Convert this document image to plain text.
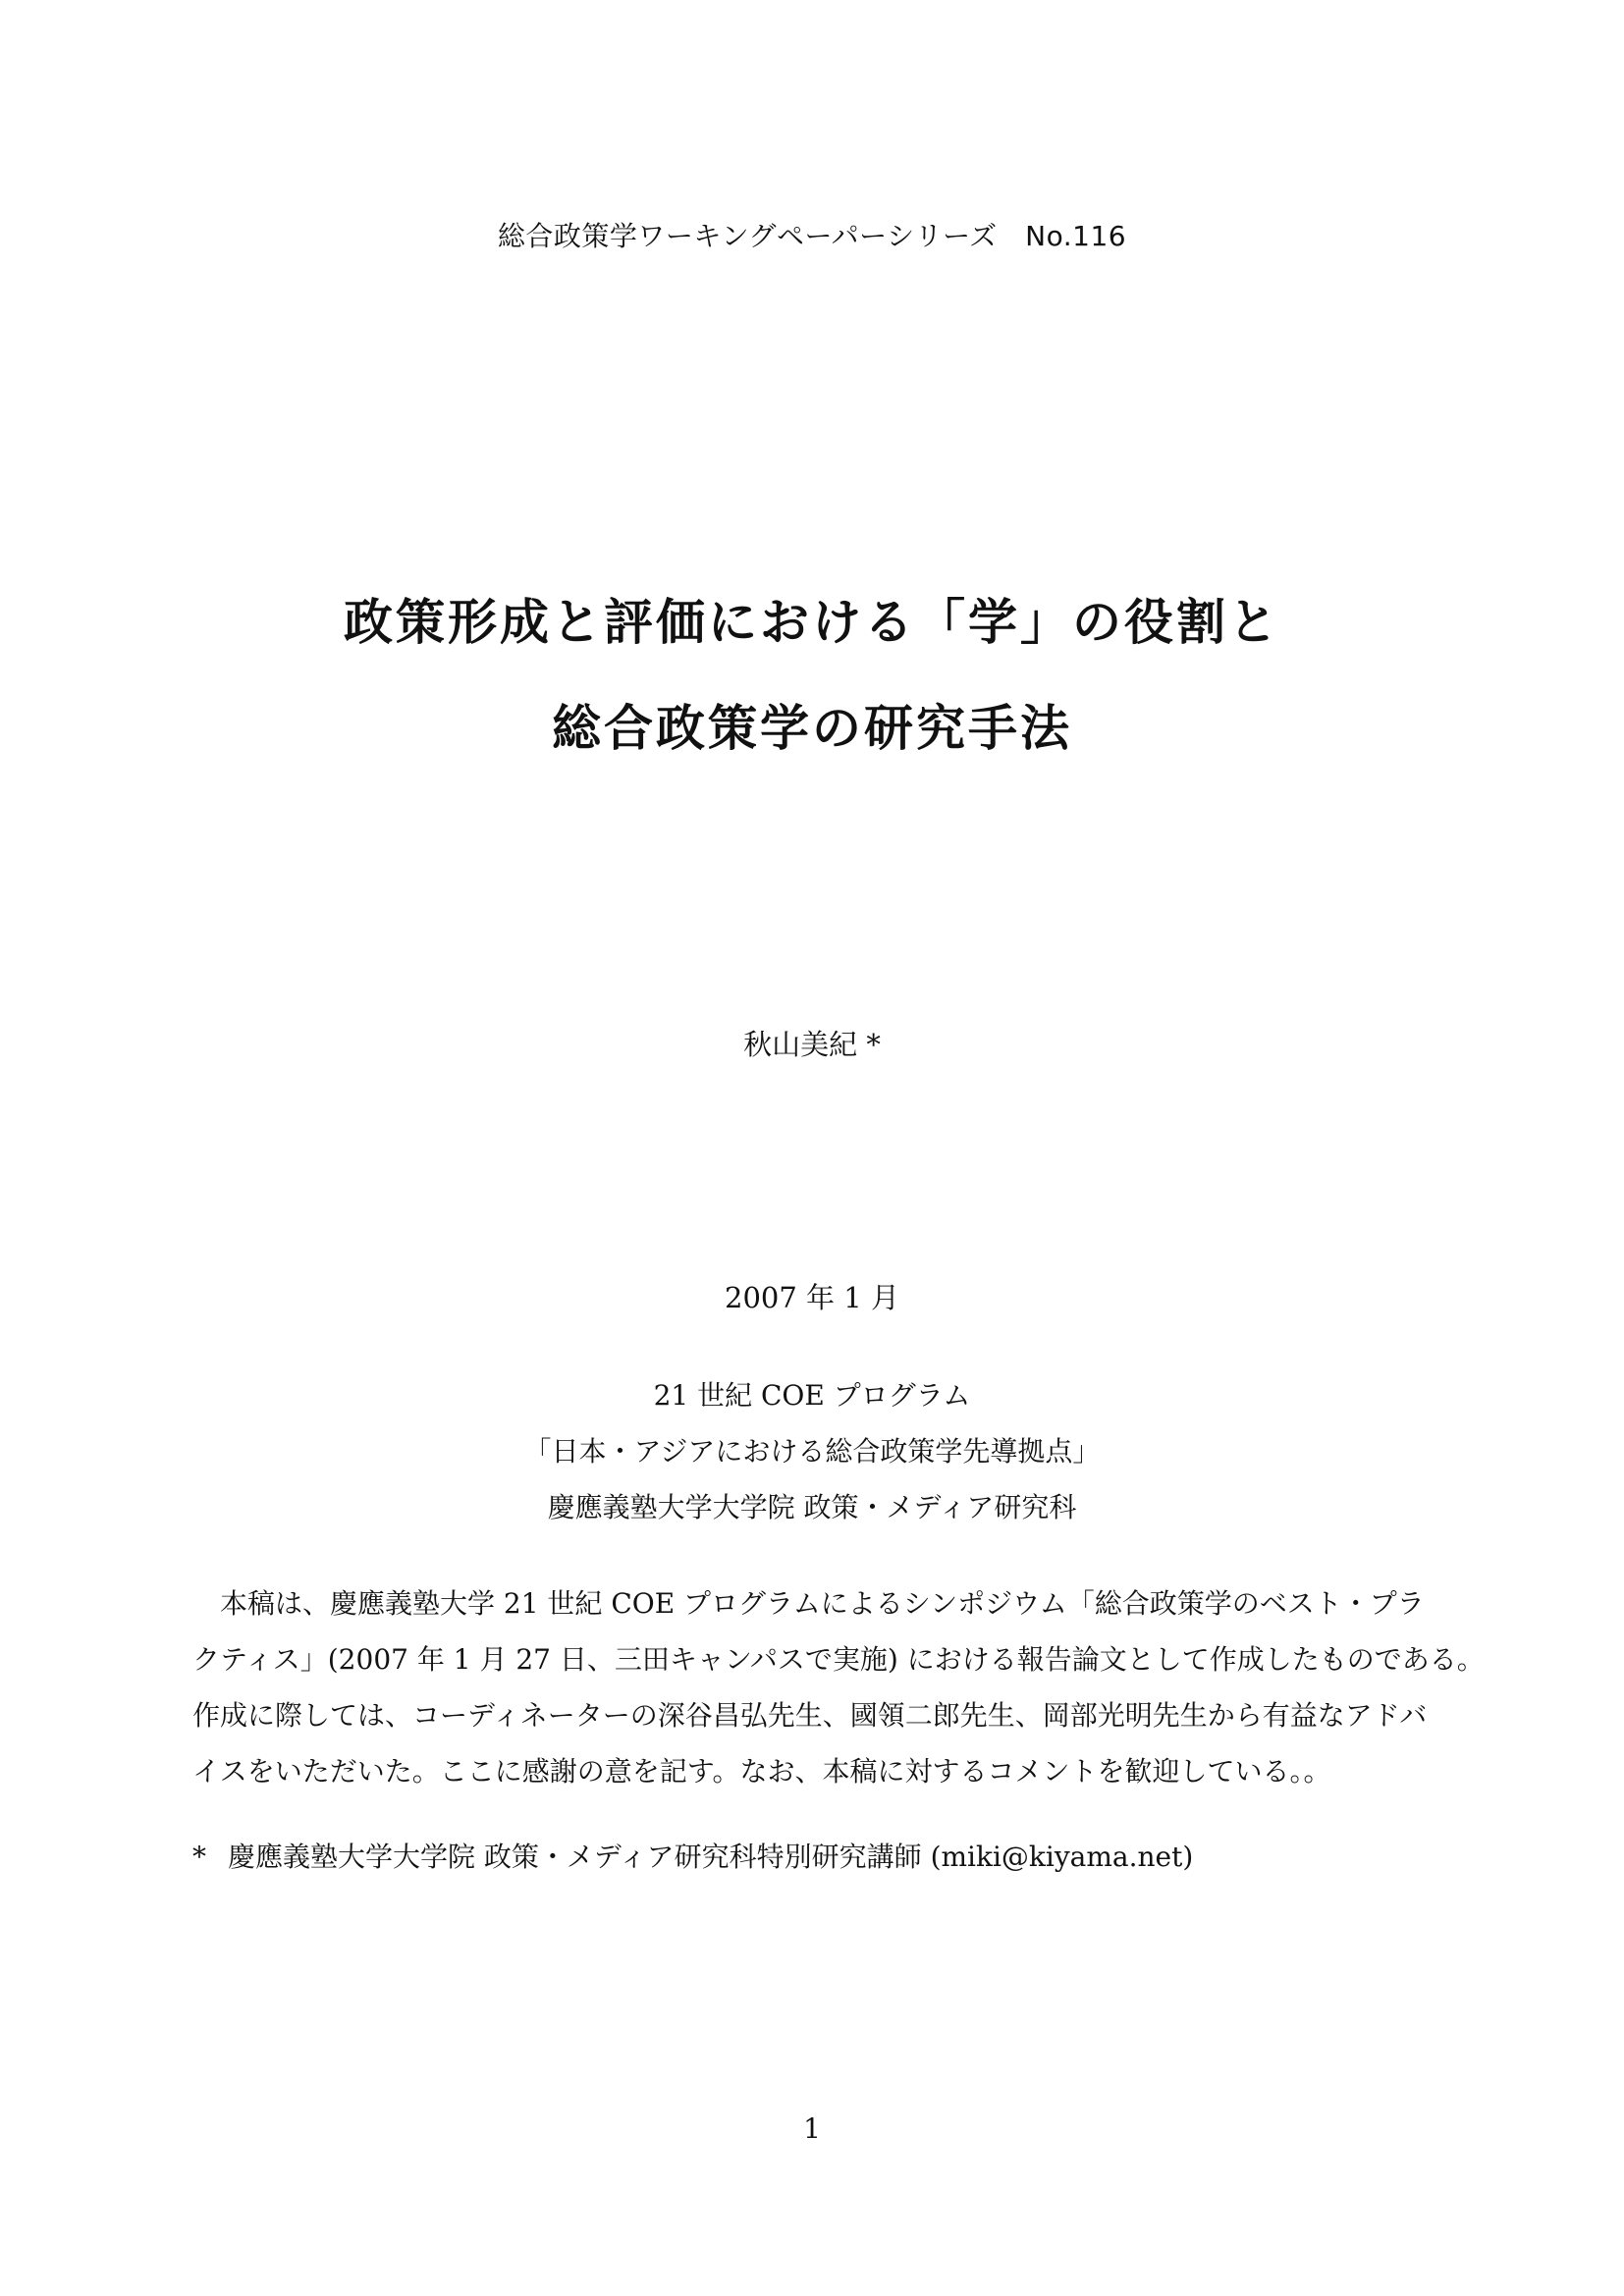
総合政策学ワーキングペーパーシリーズ　No.116
政策形成と評価における「学」の役割と
総合政策学の研究手法
秋山美紀 *
2007 年 1 月
21 世紀 COE プログラム
「日本・アジアにおける総合政策学先導拠点」
慶應義塾大学大学院 政策・メディア研究科
　本稿は、慶應義塾大学 21 世紀 COE プログラムによるシンポジウム「総合政策学のベスト・プラ
クティス」(2007 年 1 月 27 日、三田キャンパスで実施) における報告論文として作成したものである。
作成に際しては、コーディネーターの深谷昌弘先生、國領二郎先生、岡部光明先生から有益なアドバ
イスをいただいた。ここに感謝の意を記す。なお、本稿に対するコメントを歓迎している。。
* 慶應義塾大学大学院 政策・メディア研究科特別研究講師 (miki@kiyama.net)
1
